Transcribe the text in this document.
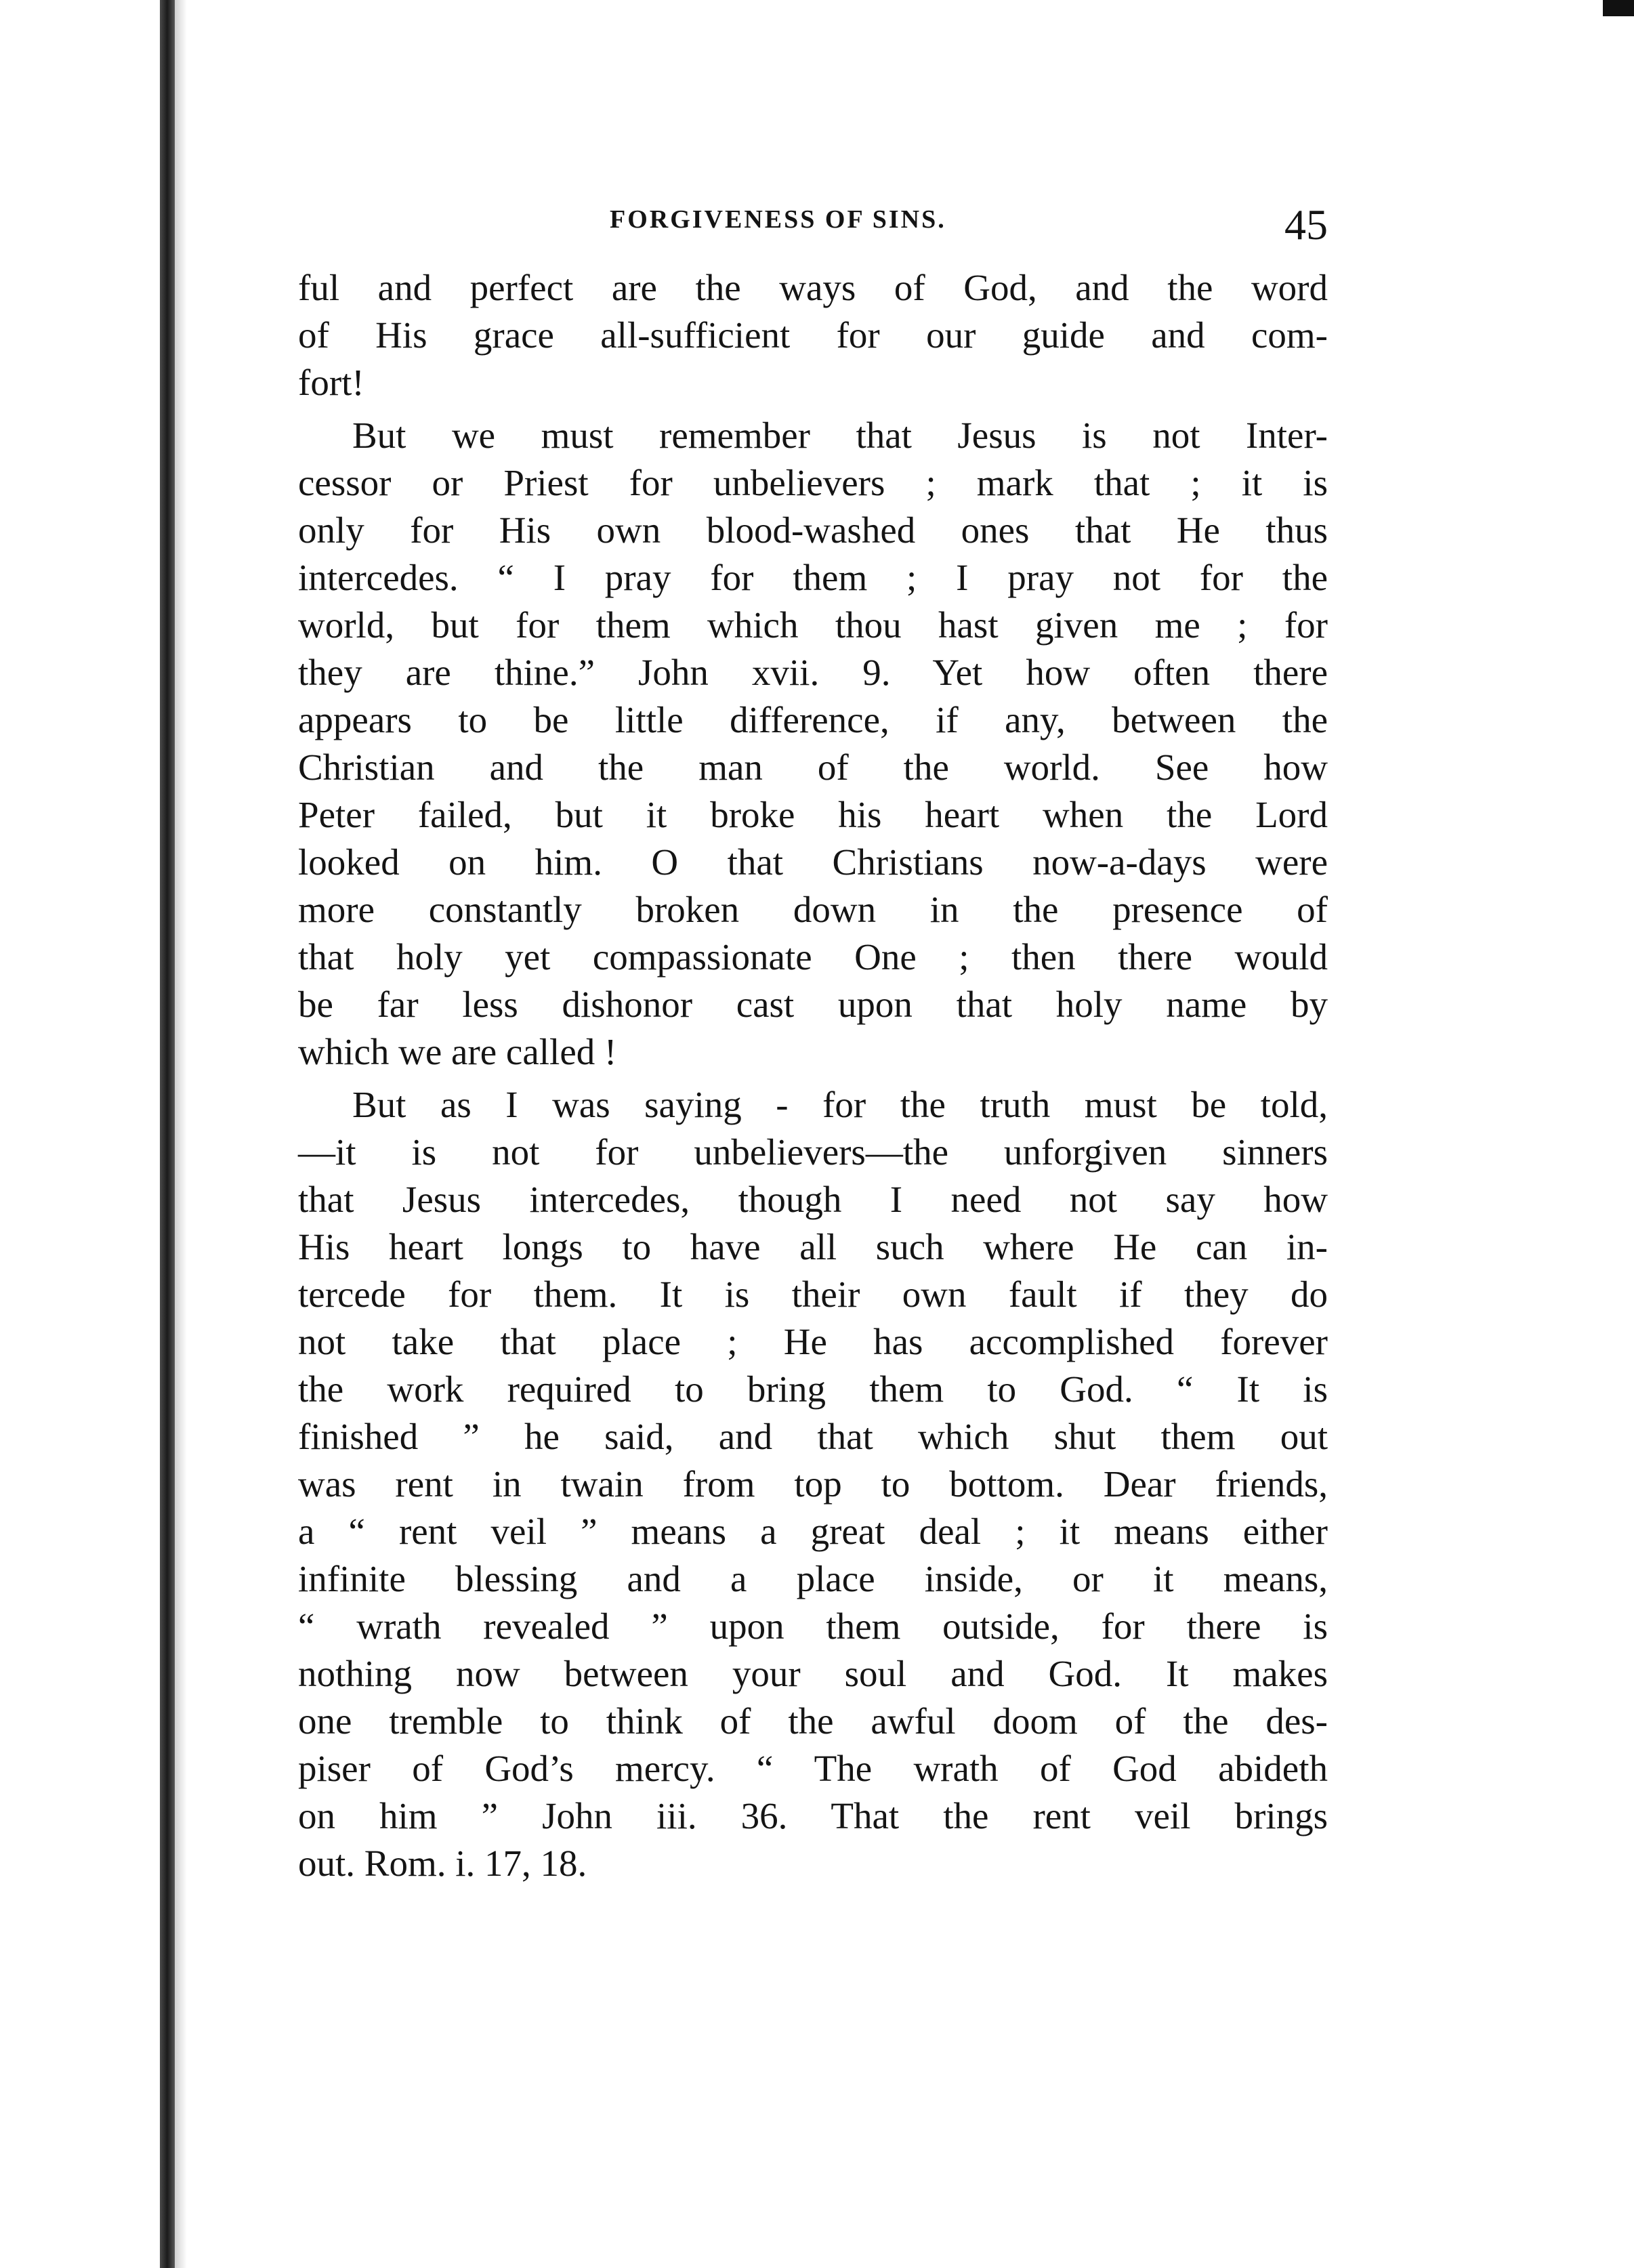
FORGIVENESS OF SINS.	45
ful and perfect are the ways of God, and the word
of His grace all-sufficient for our guide and com-
fort!
But we must remember that Jesus is not Inter-
cessor or Priest for unbelievers ; mark that ; it is
only for His own blood-washed ones that He thus
intercedes. “ I pray for them ; I pray not for the
world, but for them which thou hast given me ; for
they are thine.” John xvii. 9. Yet how often there
appears to be little difference, if any, between the
Christian and the man of the world. See how
Peter failed, but it broke his heart when the Lord
looked on him. O that Christians now-a-days were
more constantly broken down in the presence of
that holy yet compassionate One ; then there would
be far less dishonor cast upon that holy name by
which we are called !
But as I was saying - for the truth must be told,
—it is not for unbelievers—the unforgiven sinners
that Jesus intercedes, though I need not say how
His heart longs to have all such where He can in-
tercede for them. It is their own fault if they do
not take that place ; He has accomplished forever
the work required to bring them to God. “ It is
finished ” he said, and that which shut them out
was rent in twain from top to bottom. Dear friends,
a “ rent veil ” means a great deal ; it means either
infinite blessing and a place inside, or it means,
“ wrath revealed ” upon them outside, for there is
nothing now between your soul and God. It makes
one tremble to think of the awful doom of the des-
piser of God’s mercy. “ The wrath of God abideth
on him ” John iii. 36. That the rent veil brings
out. Rom. i. 17, 18.
